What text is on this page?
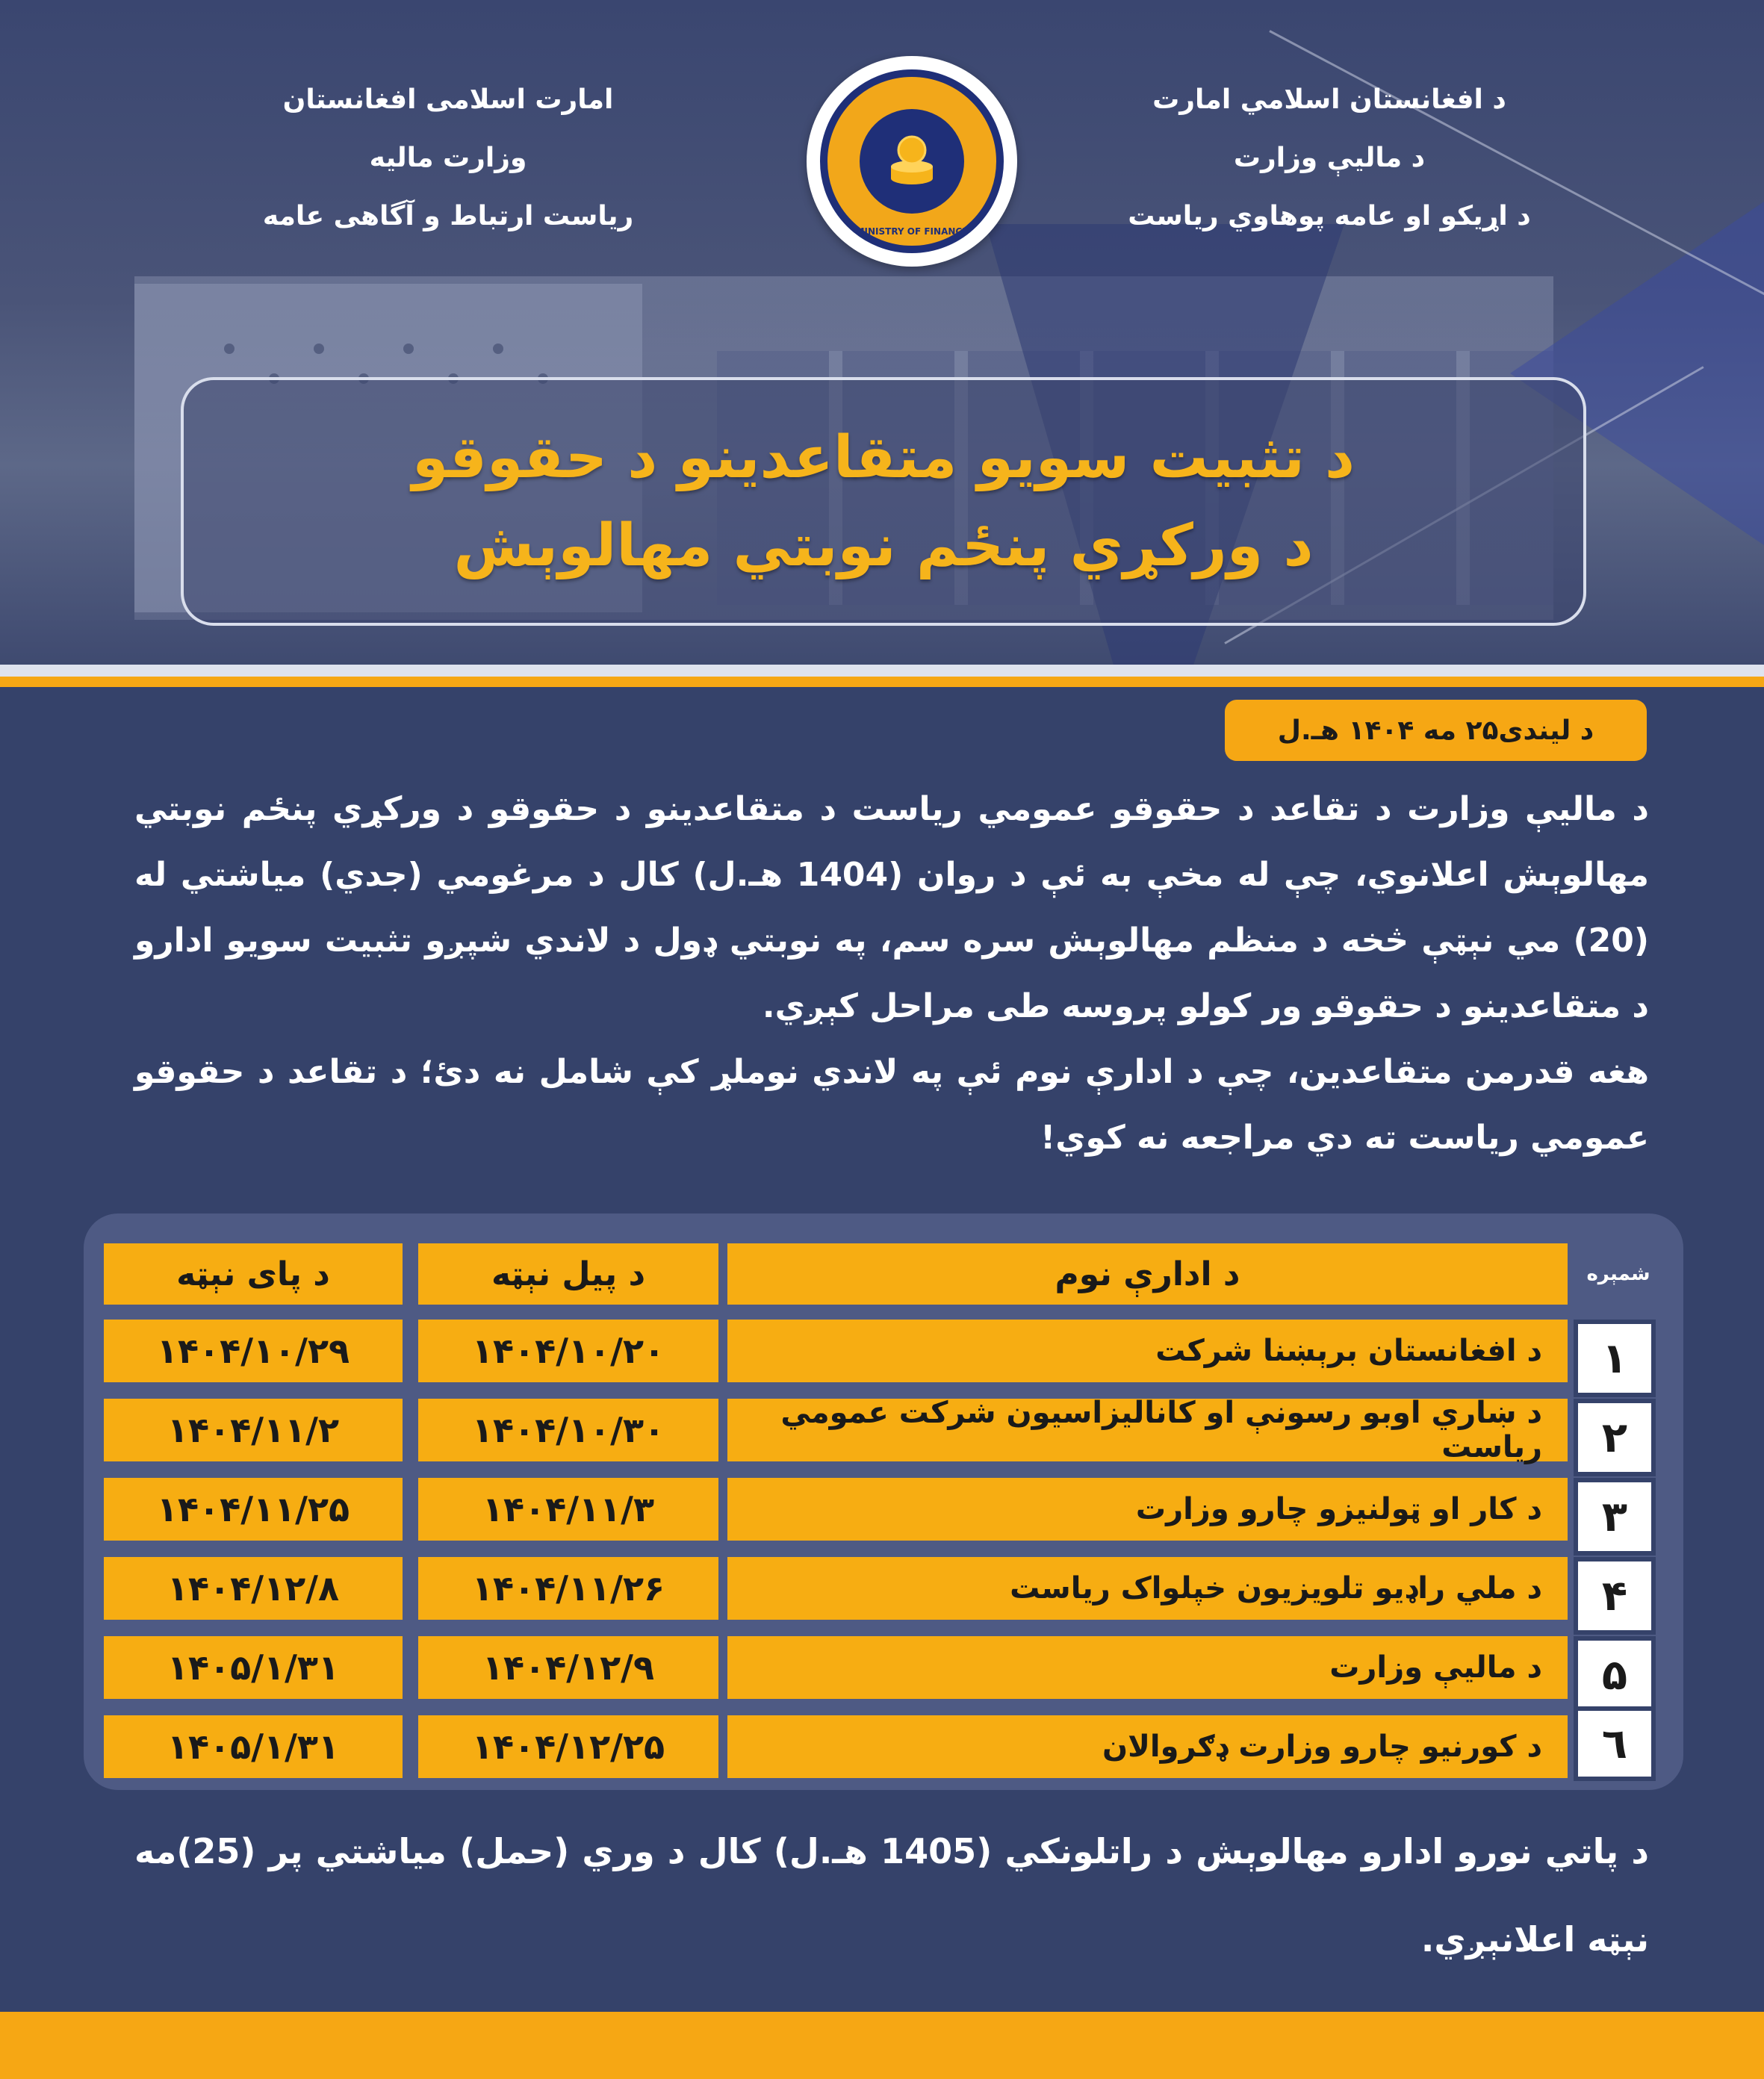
د افغانستان اسلامي امارت
د ماليې وزارت
د اړيکو او عامه پوهاوي رياست
امارت اسلامی افغانستان
وزارت مالیه
ریاست ارتباط و آگاهی عامه	MINISTRY OF FINANCE
د تثبيت سويو متقاعدينو د حقوقو
د ورکړي پنځم نوبتي مهالوېش
د لیندی۲۵ مه ۱۴۰۴ هـ.ل
د ماليې وزارت د تقاعد د حقوقو عمومي رياست د متقاعدينو د حقوقو د ورکړي پنځم نوبتي مهالوېش اعلانوي، چې له مخې به ئې د روان (1404 هـ.ل) کال د مرغومي (جدي) مياشتي له (20) مي نېټې څخه د منظم مهالوېش سره سم، په نوبتي ډول د لاندي شپږو تثبيت سويو ادارو د متقاعدينو د حقوقو ور کولو پروسه طی مراحل کېږي.
هغه قدرمن متقاعدين، چې د ادارې نوم ئې په لاندي نوملړ کې شامل نه دئ؛ د تقاعد د حقوقو عمومي رياست ته دي مراجعه نه کوي!
د پای نېټه	د پيل نېټه	د ادارې نوم	شمېره
۱۴۰۴/۱۰/۲۹	۱۴۰۴/۱۰/۲۰	د افغانستان برېښنا شرکت	۱
۱۴۰۴/۱۱/۲	۱۴۰۴/۱۰/۳۰	د ښاري اوبو رسونې او کاناليزاسيون شرکت عمومي رياست	۲
۱۴۰۴/۱۱/۲۵	۱۴۰۴/۱۱/۳	د کار او ټولنيزو چارو وزارت	۳
۱۴۰۴/۱۲/۸	۱۴۰۴/۱۱/۲۶	د ملي راډيو تلويزيون خپلواک رياست	۴
۱۴۰۵/۱/۳۱	۱۴۰۴/۱۲/۹	د ماليې وزارت	۵
۱۴۰۵/۱/۳۱	۱۴۰۴/۱۲/۲۵	د کورنيو چارو وزارت ډګروالان	٦
د پاتي نورو ادارو مهالوېش د راتلونکي (1405 هـ.ل) کال د وري (حمل) مياشتي پر (25)مه نېټه اعلانېږي.
